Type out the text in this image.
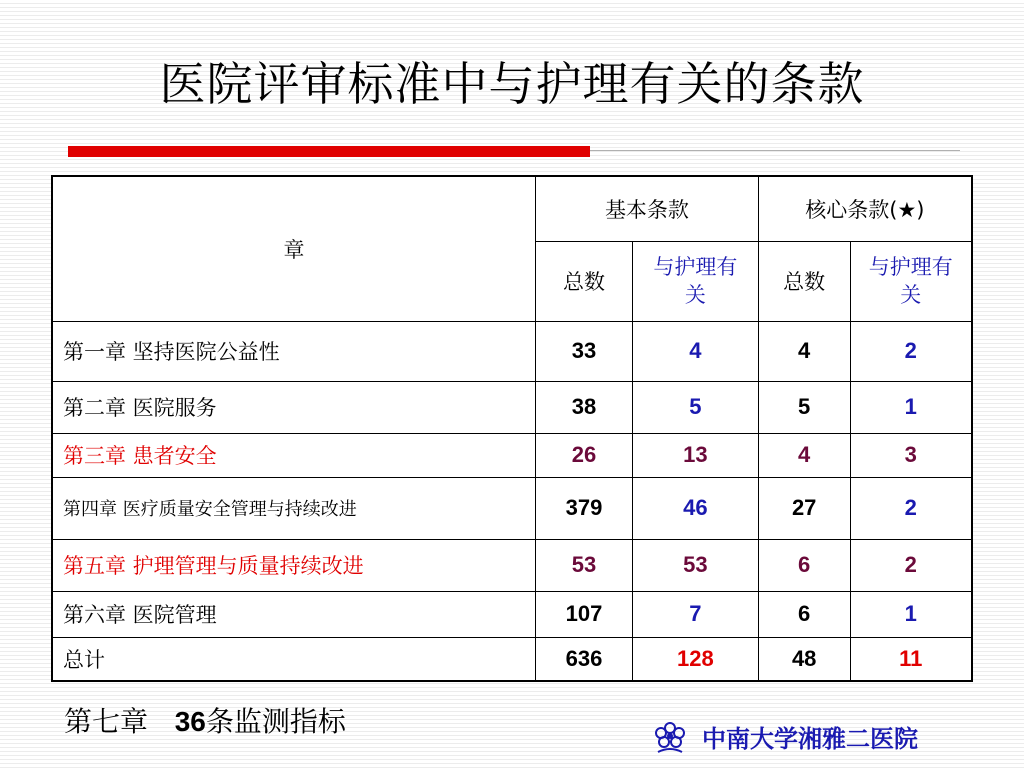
医院评审标准中与护理有关的条款
章	基本条款		核心条款(★)	
	总数	与护理有关	总数	与护理有关

第一章 坚持医院公益性	33	4	4	2
第二章 医院服务	38	5	5	1
第三章 患者安全	26	13	4	3
第四章 医疗质量安全管理与持续改进	379	46	27	2
第五章 护理管理与质量持续改进	53	53	6	2
第六章 医院管理	107	7	6	1
总计	636	128	48	11
第七章   36条监测指标
中南大学湘雅二医院
